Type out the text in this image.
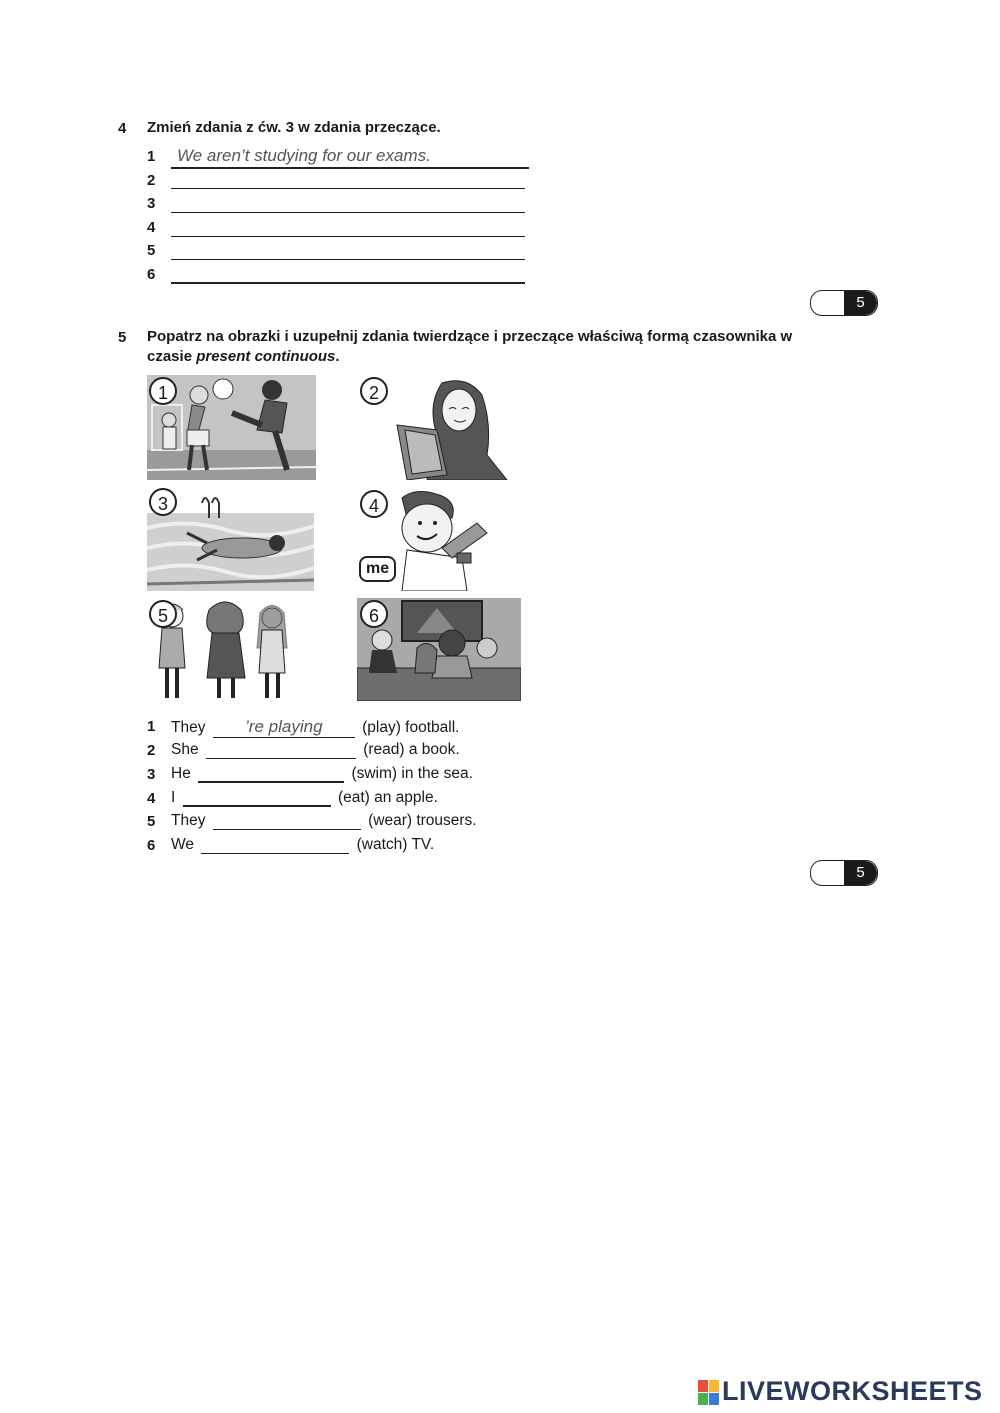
4 Zmień zdania z ćw. 3 w zdania przeczące.
1 We aren’t studying for our exams.
2
3
4
5
6
5
5 Popatrz na obrazki i uzupełnij zdania twierdzące i przeczące właściwą formą czasownika w
czasie present continuous.
1	2
3	4
me
5	6
1 They ’re playing	(play) football.
2 She	(read) a book.
3 He	(swim) in the sea.
4 I	(eat) an apple.
5 They	(wear) trousers.
6 We	(watch) TV.
5
LIVEWORKSHEETS
